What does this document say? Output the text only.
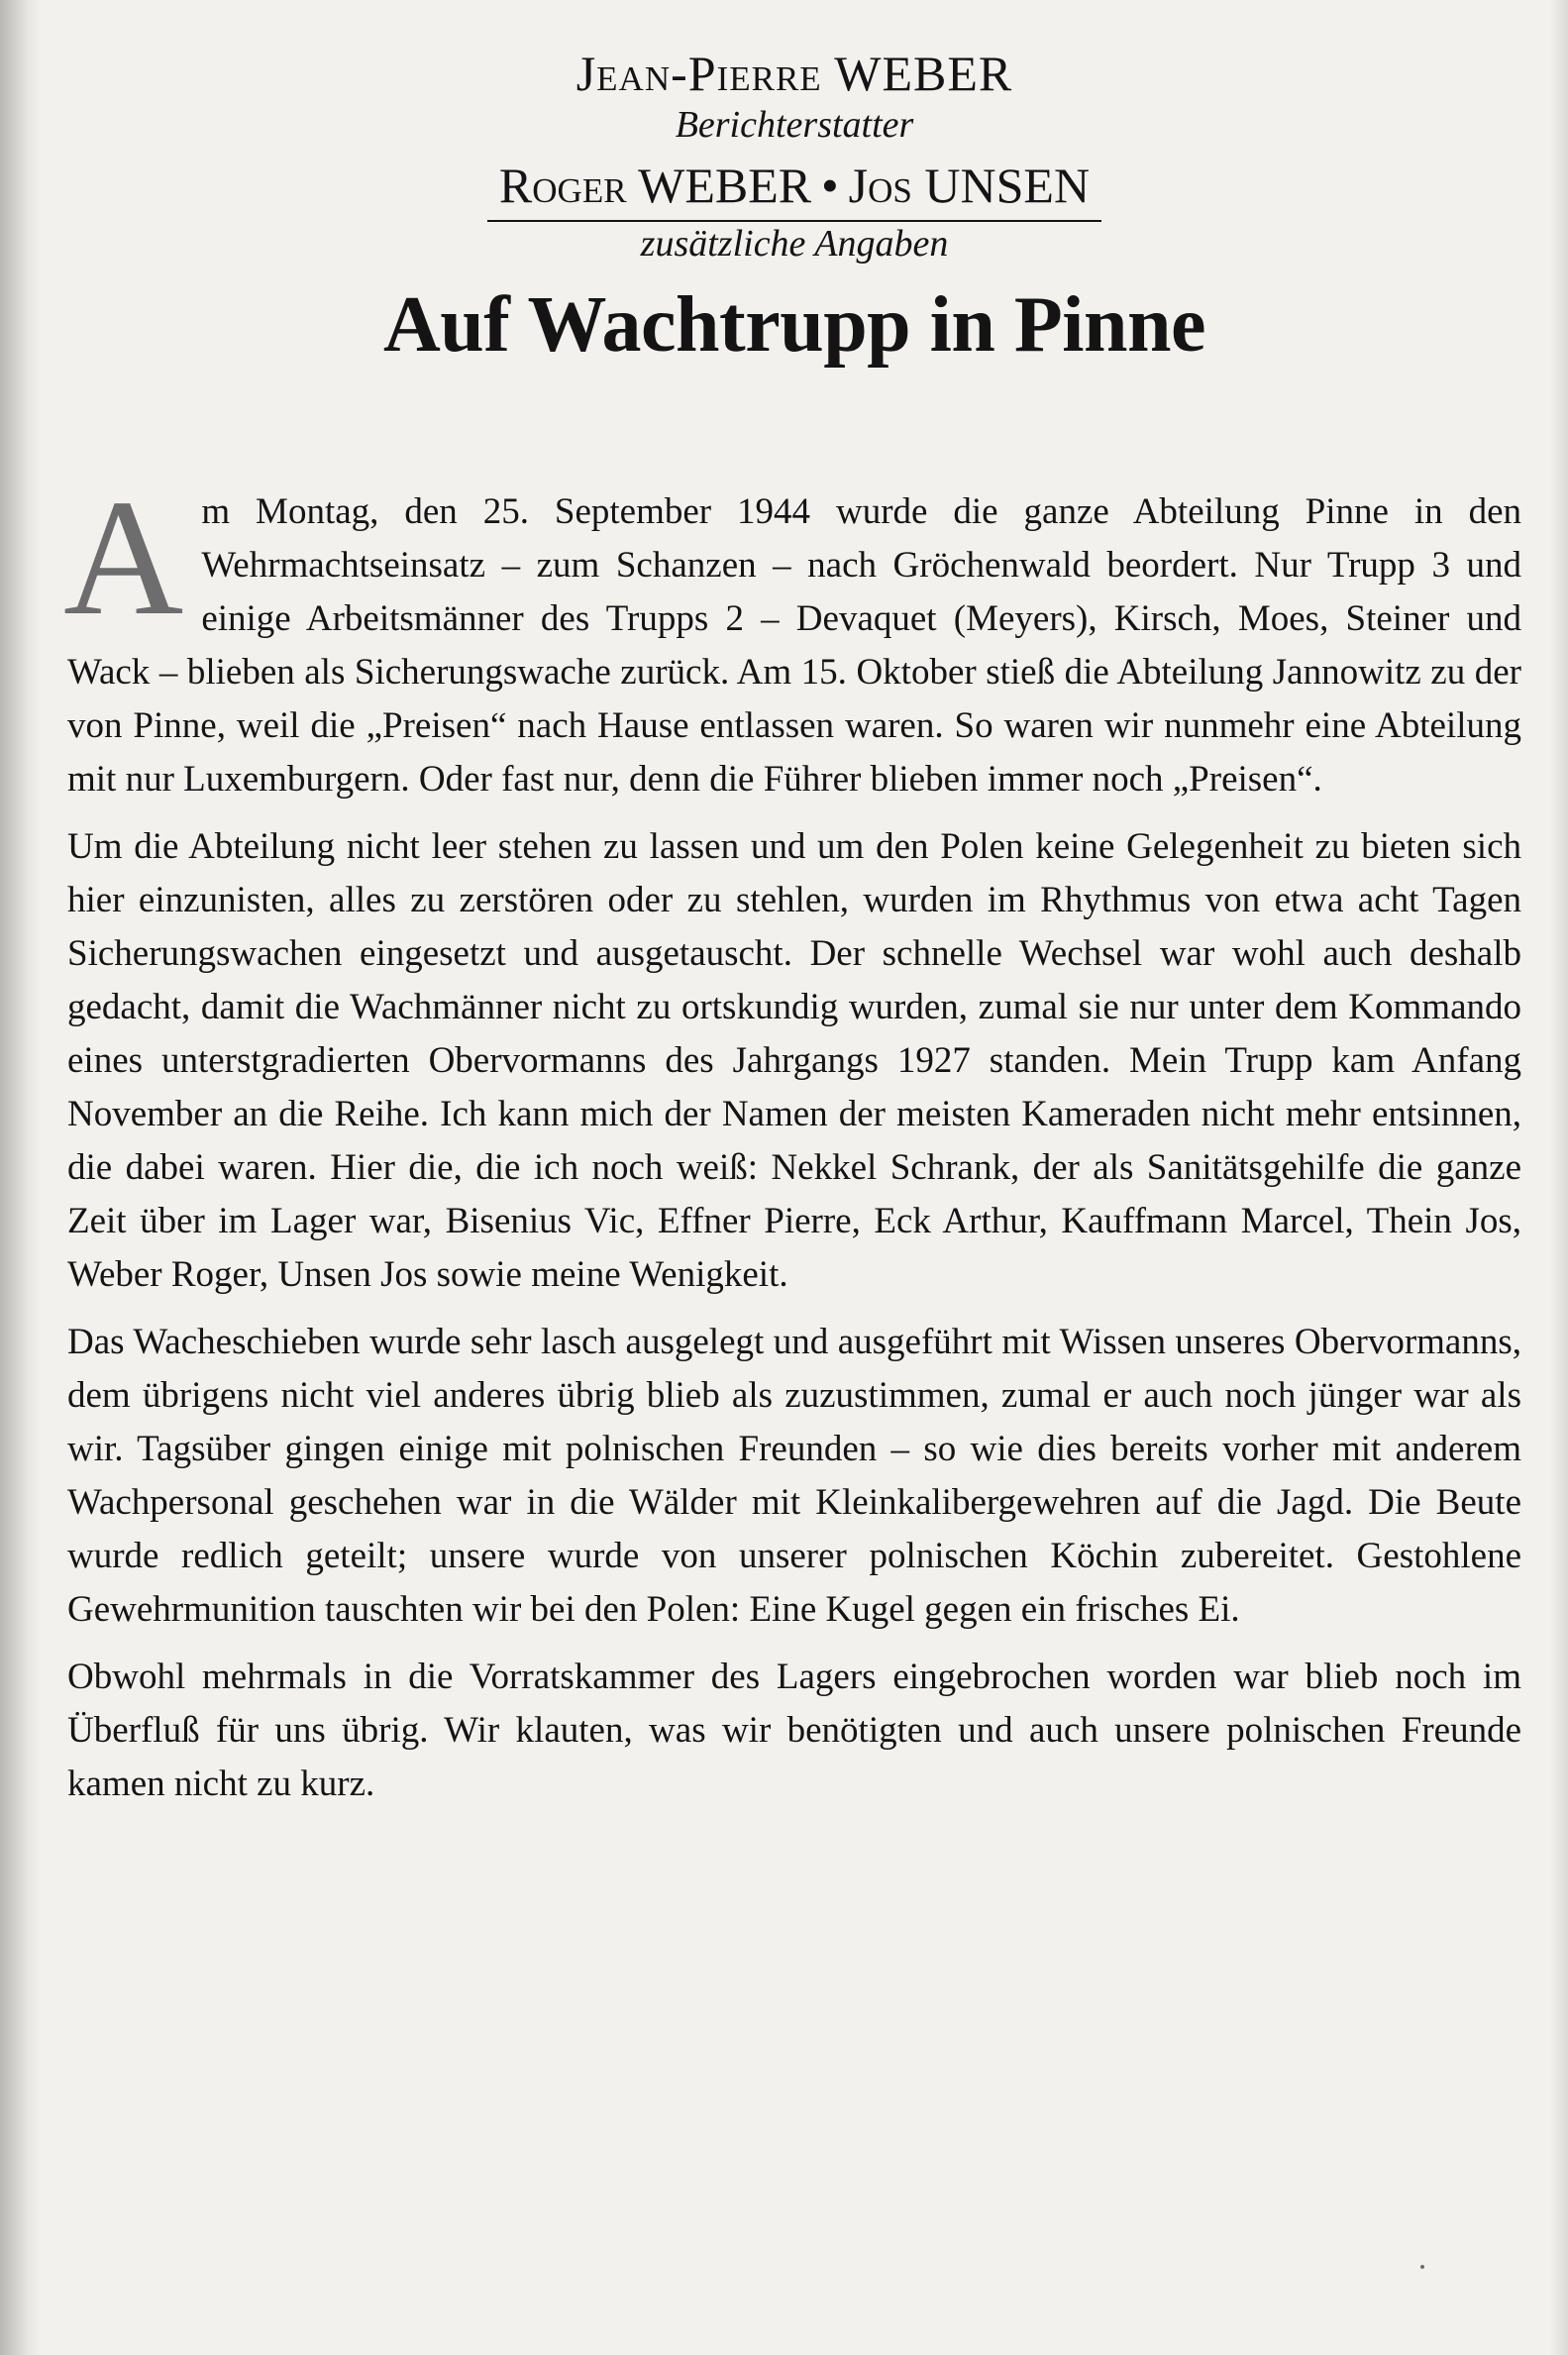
Jean-Pierre WEBER
Berichterstatter
Roger WEBER • Jos UNSEN
zusätzliche Angaben
Auf Wachtrupp in Pinne

Am Montag, den 25. September 1944 wurde die ganze Abteilung Pinne in den Wehrmachtseinsatz – zum Schanzen – nach Gröchenwald beordert. Nur Trupp 3 und einige Arbeitsmänner des Trupps 2 – Devaquet (Meyers), Kirsch, Moes, Steiner und Wack – blieben als Sicherungswache zurück. Am 15. Oktober stieß die Abteilung Jannowitz zu der von Pinne, weil die „Preisen“ nach Hause entlassen waren. So waren wir nunmehr eine Abteilung mit nur Luxemburgern. Oder fast nur, denn die Führer blieben immer noch „Preisen“.

Um die Abteilung nicht leer stehen zu lassen und um den Polen keine Gelegenheit zu bieten sich hier einzunisten, alles zu zerstören oder zu stehlen, wurden im Rhythmus von etwa acht Tagen Sicherungswachen eingesetzt und ausgetauscht. Der schnelle Wechsel war wohl auch deshalb gedacht, damit die Wachmänner nicht zu ortskundig wurden, zumal sie nur unter dem Kommando eines unterstgradierten Obervormanns des Jahrgangs 1927 standen. Mein Trupp kam Anfang November an die Reihe. Ich kann mich der Namen der meisten Kameraden nicht mehr entsinnen, die dabei waren. Hier die, die ich noch weiß: Nekkel Schrank, der als Sanitätsgehilfe die ganze Zeit über im Lager war, Bisenius Vic, Effner Pierre, Eck Arthur, Kauffmann Marcel, Thein Jos, Weber Roger, Unsen Jos sowie meine Wenigkeit.

Das Wacheschieben wurde sehr lasch ausgelegt und ausgeführt mit Wissen unseres Obervormanns, dem übrigens nicht viel anderes übrig blieb als zuzustimmen, zumal er auch noch jünger war als wir. Tagsüber gingen einige mit polnischen Freunden – so wie dies bereits vorher mit anderem Wachpersonal geschehen war in die Wälder mit Kleinkalibergewehren auf die Jagd. Die Beute wurde redlich geteilt; unsere wurde von unserer polnischen Köchin zubereitet. Gestohlene Gewehrmunition tauschten wir bei den Polen: Eine Kugel gegen ein frisches Ei.

Obwohl mehrmals in die Vorratskammer des Lagers eingebrochen worden war blieb noch im Überfluß für uns übrig. Wir klauten, was wir benötigten und auch unsere polnischen Freunde kamen nicht zu kurz.
